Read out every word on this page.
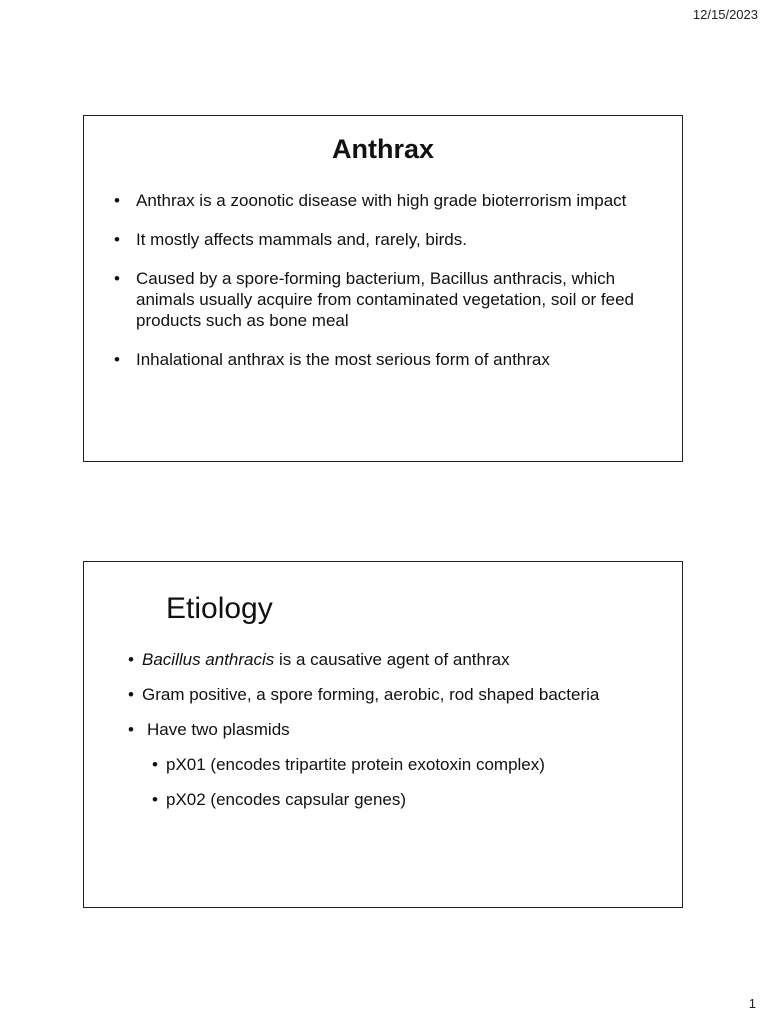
12/15/2023
Anthrax
• Anthrax is a zoonotic disease with high grade bioterrorism impact
• It mostly affects mammals and, rarely, birds.
• Caused by a spore-forming bacterium, Bacillus anthracis, which animals usually acquire from contaminated vegetation, soil or feed products such as bone meal
• Inhalational anthrax is the most serious form of anthrax
Etiology
• Bacillus anthracis is a causative agent of anthrax
• Gram positive, a spore forming, aerobic, rod shaped bacteria
• Have two plasmids
• pX01 (encodes tripartite protein exotoxin complex)
• pX02 (encodes capsular genes)
1
